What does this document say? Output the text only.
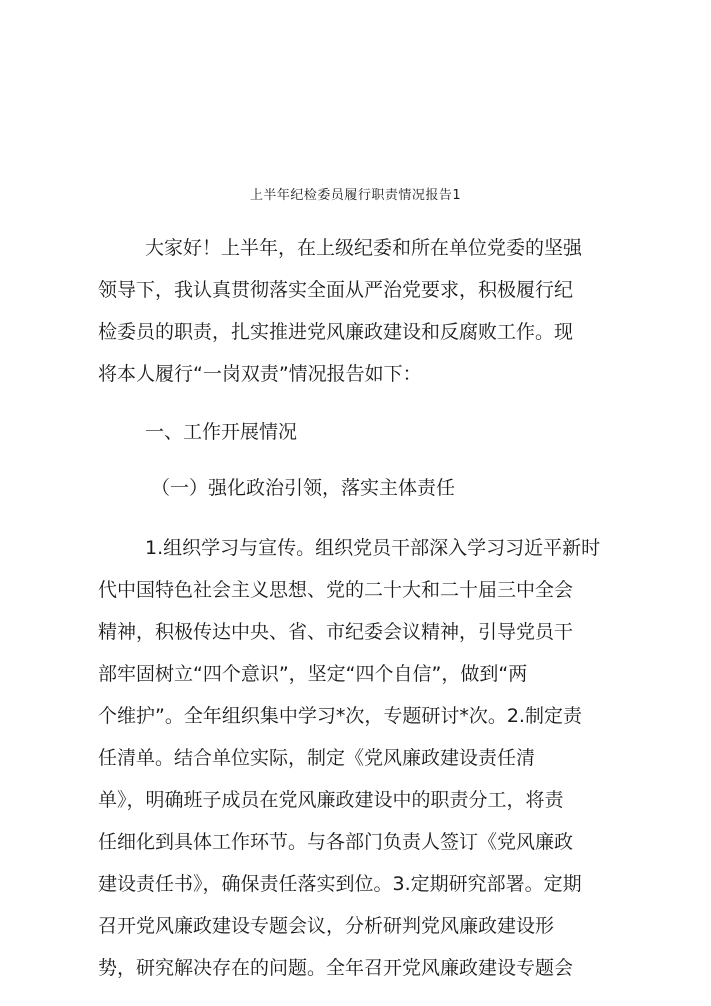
上半年纪检委员履行职责情况报告1
大家好！上半年，在上级纪委和所在单位党委的坚强
领导下，我认真贯彻落实全面从严治党要求，积极履行纪
检委员的职责，扎实推进党风廉政建设和反腐败工作。现
将本人履行“一岗双责”情况报告如下：
一、工作开展情况
（一）强化政治引领，落实主体责任
1.组织学习与宣传。组织党员干部深入学习习近平新时
代中国特色社会主义思想、党的二十大和二十届三中全会
精神，积极传达中央、省、市纪委会议精神，引导党员干
部牢固树立“四个意识”，坚定“四个自信”，做到“两
个维护”。全年组织集中学习*次，专题研讨*次。2.制定责
任清单。结合单位实际，制定《党风廉政建设责任清
单》，明确班子成员在党风廉政建设中的职责分工，将责
任细化到具体工作环节。与各部门负责人签订《党风廉政
建设责任书》，确保责任落实到位。3.定期研究部署。定期
召开党风廉政建设专题会议，分析研判党风廉政建设形
势，研究解决存在的问题。全年召开党风廉政建设专题会
